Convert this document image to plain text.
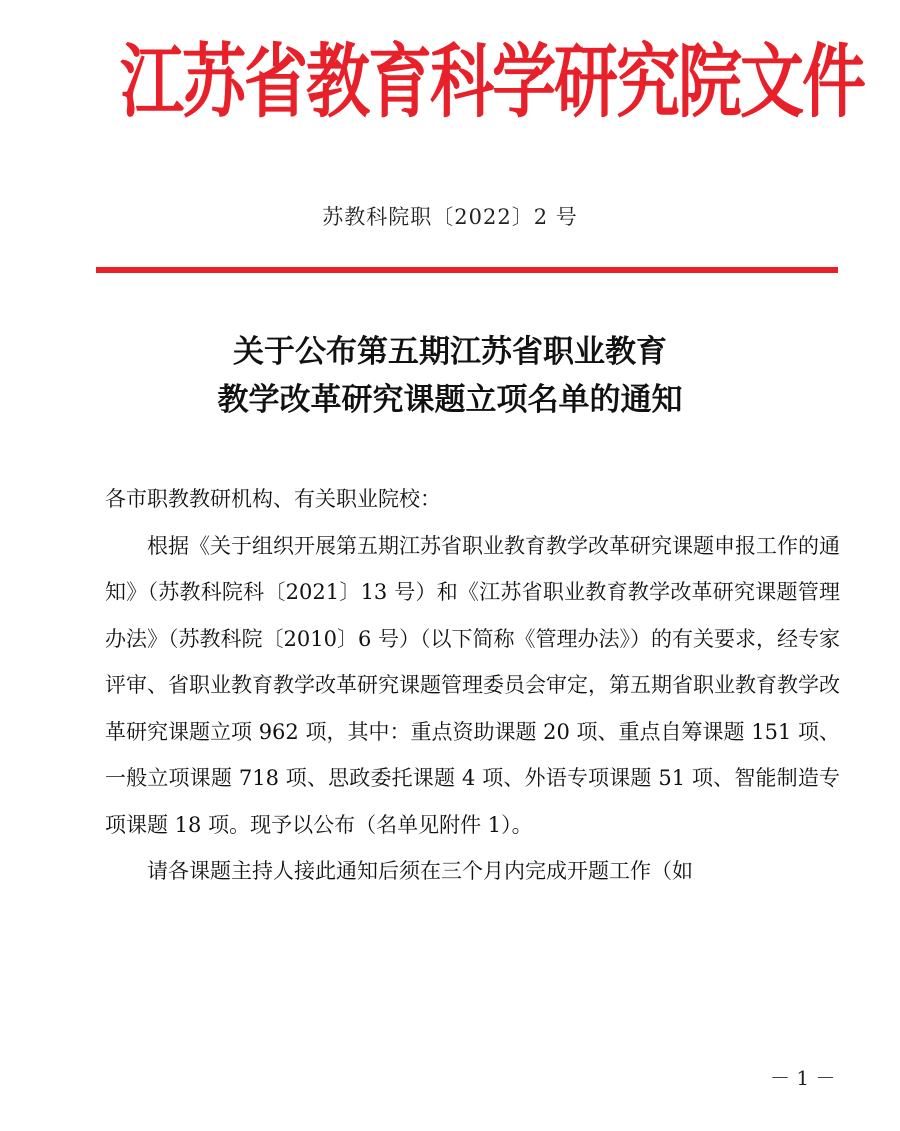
江苏省教育科学研究院文件
苏教科院职〔2022〕2 号
关于公布第五期江苏省职业教育
教学改革研究课题立项名单的通知

各市职教教研机构、有关职业院校：

根据《关于组织开展第五期江苏省职业教育教学改革研究课题申报工作的通知》（苏教科院科〔2021〕13 号）和《江苏省职业教育教学改革研究课题管理办法》（苏教科院〔2010〕6 号）（以下简称《管理办法》）的有关要求，经专家评审、省职业教育教学改革研究课题管理委员会审定，第五期省职业教育教学改革研究课题立项 962 项，其中：重点资助课题 20 项、重点自筹课题 151 项、一般立项课题 718 项、思政委托课题 4 项、外语专项课题 51 项、智能制造专项课题 18 项。现予以公布（名单见附件 1）。

请各课题主持人接此通知后须在三个月内完成开题工作（如

－ 1 －
